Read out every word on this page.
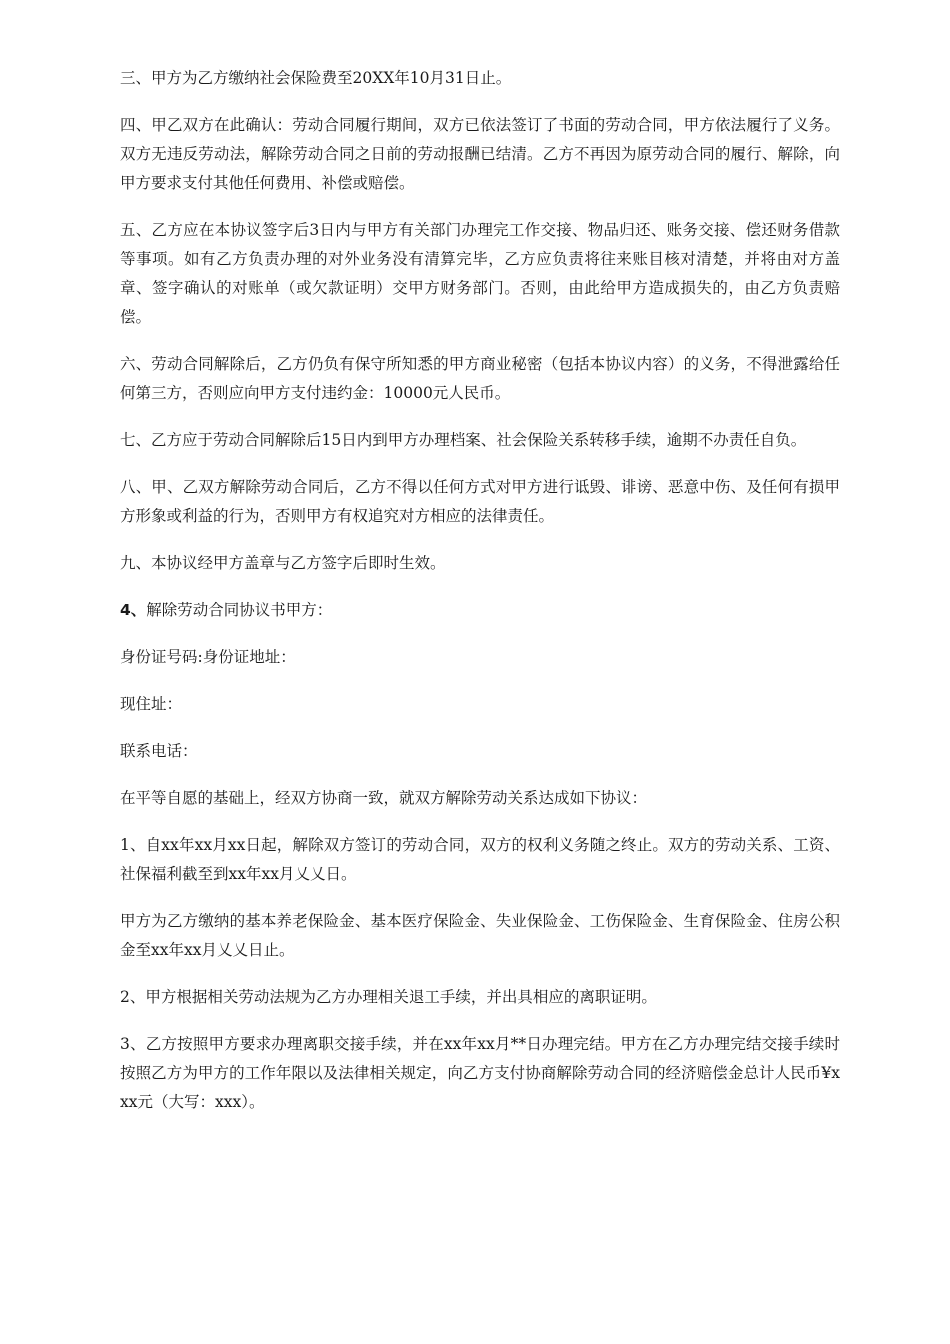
三、甲方为乙方缴纳社会保险费至20XX年10月31日止。

四、甲乙双方在此确认：劳动合同履行期间，双方已依法签订了书面的劳动合同，甲方依法履行了义务。双方无违反劳动法，解除劳动合同之日前的劳动报酬已结清。乙方不再因为原劳动合同的履行、解除，向甲方要求支付其他任何费用、补偿或赔偿。

五、乙方应在本协议签字后3日内与甲方有关部门办理完工作交接、物品归还、账务交接、偿还财务借款等事项。如有乙方负责办理的对外业务没有清算完毕，乙方应负责将往来账目核对清楚，并将由对方盖章、签字确认的对账单（或欠款证明）交甲方财务部门。否则，由此给甲方造成损失的，由乙方负责赔偿。

六、劳动合同解除后，乙方仍负有保守所知悉的甲方商业秘密（包括本协议内容）的义务，不得泄露给任何第三方，否则应向甲方支付违约金：10000元人民币。

七、乙方应于劳动合同解除后15日内到甲方办理档案、社会保险关系转移手续，逾期不办责任自负。

八、甲、乙双方解除劳动合同后，乙方不得以任何方式对甲方进行诋毁、诽谤、恶意中伤、及任何有损甲方形象或利益的行为，否则甲方有权追究对方相应的法律责任。

九、本协议经甲方盖章与乙方签字后即时生效。

4、解除劳动合同协议书甲方：

身份证号码:身份证地址：

现住址：

联系电话：

在平等自愿的基础上，经双方协商一致，就双方解除劳动关系达成如下协议：

1、自xx年xx月xx日起，解除双方签订的劳动合同，双方的权利义务随之终止。双方的劳动关系、工资、社保福利截至到xx年xx月乂乂日。

甲方为乙方缴纳的基本养老保险金、基本医疗保险金、失业保险金、工伤保险金、生育保险金、住房公积金至xx年xx月乂乂日止。

2、甲方根据相关劳动法规为乙方办理相关退工手续，并出具相应的离职证明。

3、乙方按照甲方要求办理离职交接手续，并在xx年xx月**日办理完结。甲方在乙方办理完结交接手续时按照乙方为甲方的工作年限以及法律相关规定，向乙方支付协商解除劳动合同的经济赔偿金总计人民币¥xxx元（大写：xxx）。
